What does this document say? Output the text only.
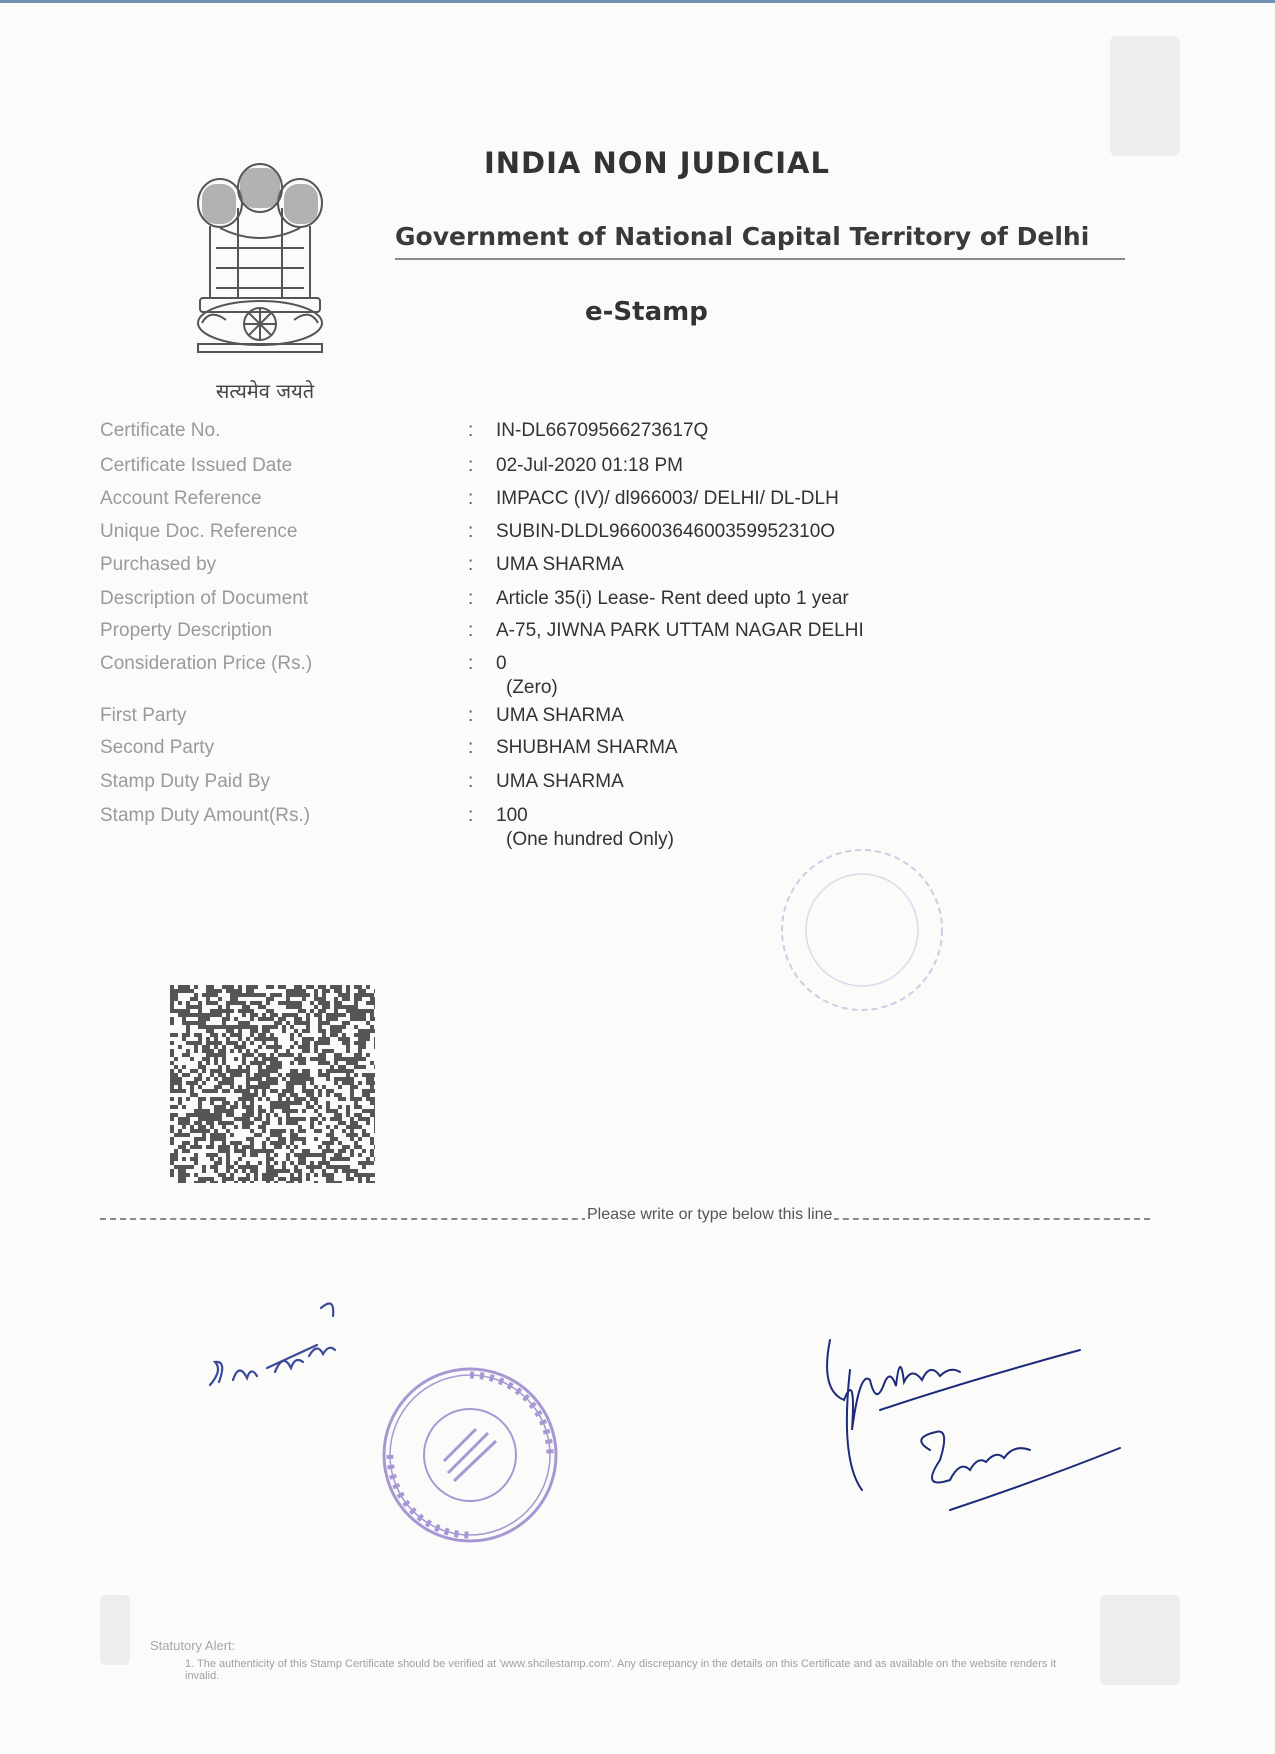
सत्यमेव जयते
INDIA NON JUDICIAL
Government of National Capital Territory of Delhi
e-Stamp
Certificate No.	: IN-DL66709566273617Q
Certificate Issued Date	: 02-Jul-2020 01:18 PM
Account Reference	: IMPACC (IV)/ dl966003/ DELHI/ DL-DLH
Unique Doc. Reference	: SUBIN-DLDL96600364600359952310O
Purchased by	: UMA SHARMA
Description of Document	: Article 35(i) Lease- Rent deed upto 1 year
Property Description	: A-75, JIWNA PARK UTTAM NAGAR DELHI
Consideration Price (Rs.)	: 0
(Zero)
First Party	: UMA SHARMA
Second Party	: SHUBHAM SHARMA
Stamp Duty Paid By	: UMA SHARMA
Stamp Duty Amount(Rs.)	: 100
(One hundred Only)
Please write or type below this line
Statutory Alert:
1. The authenticity of this Stamp Certificate should be verified at 'www.shcilestamp.com'. Any discrepancy in the details on this Certificate and as available on the website renders it invalid.
